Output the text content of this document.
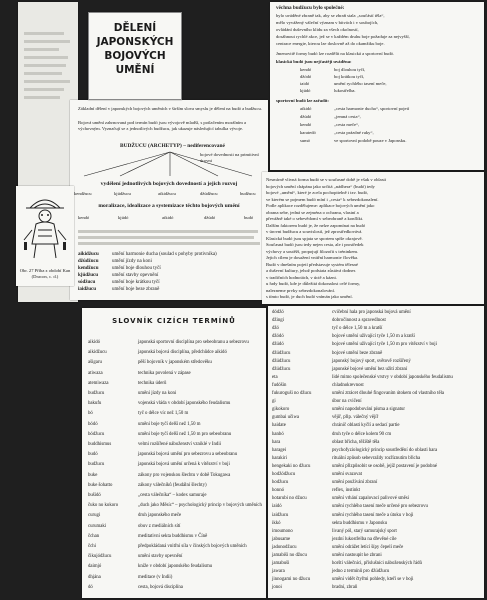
Základní dělení v japonských bojových uměních v širším slova smyslu je dělení na budó a budžucu.
Bojová umění zahrnovaná pod termín budó jsou vývojově mladší, s potlačením morálním a výchovným. Vyznačují se z jednotlivých budžucu, jak ukazuje následující tabulka vývoje.
BUDŽUCU (ARCHETYP) – nediferencované
bojové dovednosti na primitivní úrovni
vydělení jednotlivých bojových dovedností a jejich rozvoj
kendžucu	kjúdžucu	aikidžucu	džúdžucu	budžucu
moralizace, idealizace a systemizace těchto bojových umění
kendó	kjúdó	aikidó	džúdó	budó
aikidžucu	umění harmonie ducha (soulad s pohyby protivníka)
džúdžucu	umění jízdy na koni
kendžucu	umění boje dlouhou tyčí
kjúdžucu	umění stavby opevnění
sódžucu	umění boje krátkou tyčí
iaidžucu	umění boje beze zbraně
DĚLENÍ
JAPONSKÝCH
BOJOVÝCH
UMĚNÍ
Obr. 27 Příba z období Kan (Dracon, c. d.)
věchna budžucu bylo společné:
bylo uváděné zbraně tak, aby se zbraň stala „součástí těla“,
mělo vyvážený váleční význam v bitvách i v soubojích,
ovládání duševního klidu za všech okolností,
dosáhnout rychlé akce, jež se v každém druhu boje požaduje za nejvyšší,
centrace energie, kterou lze doslovně až do okamžiku boje.
Jmenovitě formy budó lze rozdělit na klasická a sportovní budó.
klasická budó jsou nejčastěji uváděna:
kendó	boj dlouhou tyčí,
džódó	boj krátkou tyčí,
iaidó	umění rychlého tasení meče,
kjúdó	lukostřelba.
sportovní budó lze zařadit:
aikidó	„cesta harmonie ducha“, sportovní pojetí
džúdó	„jemná cesta“,
kendó	„cesta meče“,
karatedó	„cesta prázdné ruky“,
sumó	ve sportovní podobě pouze v Japonsku.
Nesmírně vlivná forma budó se v současné době je však v oblasti
bojových umění chápána jako určitá „nádhera“ (budó) tedy
bojové „umění“, které je zcela pochopitelně i tzv. budó,
ve kterém se pojmem budó míní i „cesta“ k sebezdokonalení.
Podle aplikace rozdělujeme: aplikace bojových umění jako
obrana sebe, jedná se zejména o ochranu, vlastní a
převážně také o sebevědomí v sebeobraně a konflikt.
Dalším faktorem budó je, že nelze zapomínat na budó
v úrovni budžucu a souvislostí, jež zprostředkovává.
Klasická budó jsou spjata se sportem spíše okrajově.
Současná budó jsou tedy nejen cesta, ale i prostředek
výchovy a soutěží, propojují filozofii s tréninkem.
Jejich cílem je dosažení vnitřní harmonie člověka.
Budó v dnešním pojetí představuje systém tělesné
a duševní kultury, jehož podstata zůstává dodnes
v tradičních hodnotách, v úctě a kázni.
u řady budó, kde je důležitá dokonalost celé formy,
nalezneme prvky sebezdokonalování.
s tímto budó, je duch budó vnímán jako umění.
SLOVNÍK CIZÍCH TERMÍNŮ
aikidó	japonská sportovní disciplína pro sebeobranu a sebezrovu
aikidžucu	japonská bojová disciplína, předchůdce aikidó
ašigaru	pěší bojovník v japonském středověku
atiwaza	technika povolená v zápase
atemiwaza	technika úderů
budžucu	umění jízdy na koni
bakufu	vojenská vláda v období japonského feudalismu
bó	tyč o délce víc než 1,50 m
bódó	umění boje tyčí delší než 1,50 m
bódžucu	umění boje tyčí delší než 1,50 m pro sebeobranu
buddhismus	velmi rozšířené náboženství vzniklé v Indii
budó	japonská bojová umění pro sebezrovu a sebeobranu
budžucu	japonská bojová umění určená k vítězství v boji
buke	zákony pro vojenskou šlechtu v době Tokugawa
buke šohatto	zákony válečníků (feudální šlechty)
bušidó	„cesta válečníka“ – kodex samuraje
čuko no kokoro	„duch jako Měsíc“ – psychologický princip v bojových uměních
curugi	druh japonského meče
curumaki	obuv z mediálních sítí
čchan	meditativní sekta buddhismu v Číně
čchi	předpokládaná vnitřní síla v čínských bojových uměních
čikujódžucu	umění stavby opevnění
daimjó	kníže v období japonského feudalismu
dhjána	meditace (v Indii)
dó	cesta, bojová disciplína
dódžó	cvičební hala pro japonská bojová umění
džingi	dobročinnost a spravedlnost
džó	tyč o délce 1,50 m a kratší
džódó	bojové umění užívající tyče 1,50 m a kratší
džúdó	bojové umění užívající tyče 1,50 m pro vítězství v boji
džúdžucu	bojové umění beze zbraně
džúdžucu	japonský bojový sport, světově rozšířený
džúdžucu	japonské bojové umění bez užití zbraní
eta	lidé mimo společenské vrstvy v období japonského feudalismu
fudóšin	chladnokrevnost
fukuroguši no džucu	umění ztrácet dlouhé fingovaním útokem od vlastního těla
gi	úbor na cvičení
gikokoro	umění napodobování písma a signatur
gumbai učiwa	vějíř, přip. válečný vějíř
haidate	chránič oblasti kyčlí a sedací partie
hanbó	druh tyče o délce kolem 90 cm
hara	oblast břicha, těžiště těla
haragei	psychofyziologický princip soustředění do oblasti hara
harakiri	rituální způsob sebevraždy rozříznutím břicha
hengekaki no džucu	umění přizpůsobit se osobě, jejíž postavení je podobné
hodžódžucu	umění svazovat
hodžucu	umění používání zbraní
honnó	reflex, instinkt
hotarubi no džucu	umění vrhání zapalovací palivové směsi
iaidó	umění rychlého tasení meče určené pro sebezrovu
iaidžucu	umění rychlého tasení meče a útoku v boji
ikkó	sekta buddhismu v Japonsku
imoumono	livaný pól, starý samurajský sport
jabusame	jezdní lukostřelba na dřevěné cíle
jadonodžucu	umění odrážet letící šípy čepelí meče
jamabiši no džucu	umění nastoupit ke zbrani
jamabuši	horští válečníci, příslušníci náboženských řádů
jawara	jedno z termínů pro džúdžucu
jinnogami no džucu	umění vidět čtyřmi pohledy, kteří se v boji
jonoi	bradní, zbraň
